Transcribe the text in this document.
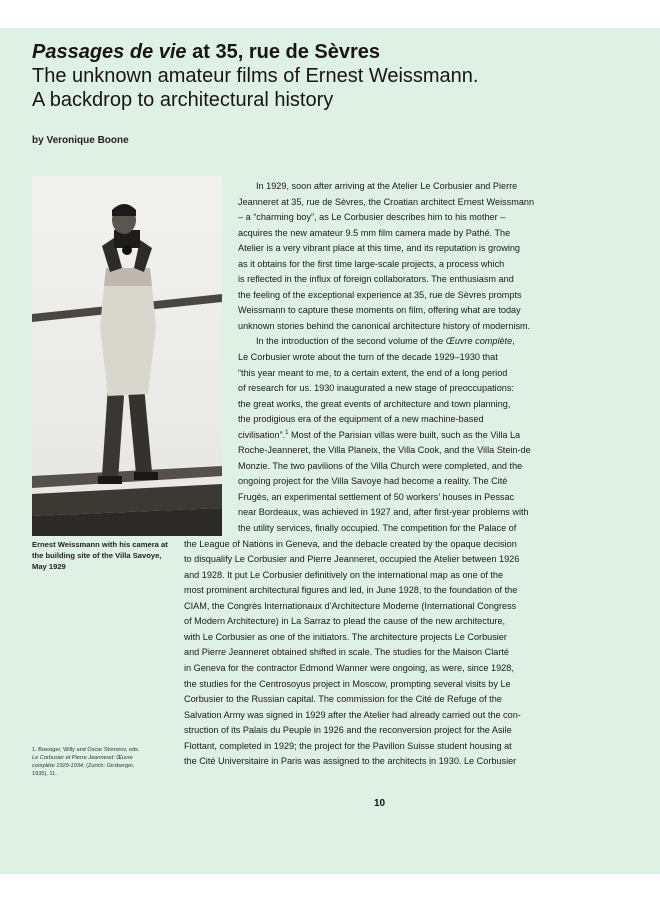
Passages de vie at 35, rue de Sèvres
The unknown amateur films of Ernest Weissmann.
A backdrop to architectural history
by Veronique Boone
Ernest Weissmann with his camera at the building site of the Villa Savoye, May 1929
1. Boesiger, Willy and Oscar Stonorov, eds. Le Corbusier et Pierre Jeanneret: Œuvre complète 1929-1934. (Zurich: Girsberger, 1935), 11.
In 1929, soon after arriving at the Atelier Le Corbusier and Pierre
Jeanneret at 35, rue de Sèvres, the Croatian architect Ernest Weissmann
– a “charming boy”, as Le Corbusier describes him to his mother –
acquires the new amateur 9.5 mm film camera made by Pathé. The
Atelier is a very vibrant place at this time, and its reputation is growing
as it obtains for the first time large-scale projects, a process which
is reflected in the influx of foreign collaborators. The enthusiasm and
the feeling of the exceptional experience at 35, rue de Sèvres prompts
Weissmann to capture these moments on film, offering what are today
unknown stories behind the canonical architecture history of modernism.
In the introduction of the second volume of the Œuvre complète,
Le Corbusier wrote about the turn of the decade 1929–1930 that
“this year meant to me, to a certain extent, the end of a long period
of research for us. 1930 inaugurated a new stage of preoccupations:
the great works, the great events of architecture and town planning,
the prodigious era of the equipment of a new machine-based
civilisation”.$^1$ Most of the Parisian villas were built, such as the Villa La
Roche-Jeanneret, the Villa Planeix, the Villa Cook, and the Villa Stein-de
Monzie. The two pavilions of the Villa Church were completed, and the
ongoing project for the Villa Savoye had become a reality. The Cité
Frugès, an experimental settlement of 50 workers’ houses in Pessac
near Bordeaux, was achieved in 1927 and, after first-year problems with
the utility services, finally occupied. The competition for the Palace of
the League of Nations in Geneva, and the debacle created by the opaque decision
to disqualify Le Corbusier and Pierre Jeanneret, occupied the Atelier between 1926
and 1928. It put Le Corbusier definitively on the international map as one of the
most prominent architectural figures and led, in June 1928, to the foundation of the
CIAM, the Congrès Internationaux d’Architecture Moderne (International Congress
of Modern Architecture) in La Sarraz to plead the cause of the new architecture,
with Le Corbusier as one of the initiators. The architecture projects Le Corbusier
and Pierre Jeanneret obtained shifted in scale. The studies for the Maison Clarté
in Geneva for the contractor Edmond Wanner were ongoing, as were, since 1928,
the studies for the Centrosoyus project in Moscow, prompting several visits by Le
Corbusier to the Russian capital. The commission for the Cité de Refuge of the
Salvation Army was signed in 1929 after the Atelier had already carried out the con-
struction of its Palais du Peuple in 1926 and the reconversion project for the Asile
Flottant, completed in 1929; the project for the Pavillon Suisse student housing at
the Cité Universitaire in Paris was assigned to the architects in 1930. Le Corbusier
10
